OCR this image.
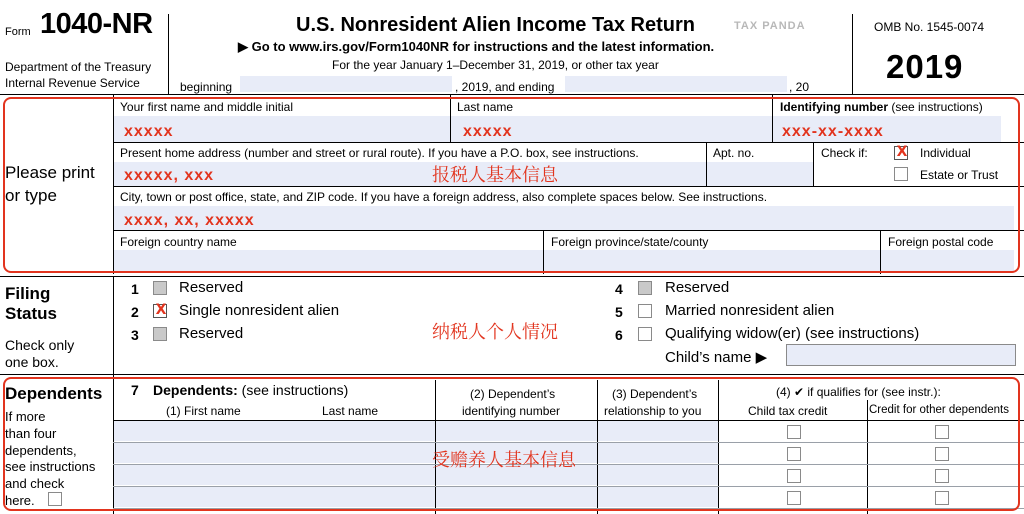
Form 1040-NR
Department of the Treasury
Internal Revenue Service
U.S. Nonresident Alien Income Tax Return	TAX PANDA
▶ Go to www.irs.gov/Form1040NR for instructions and the latest information.
For the year January 1–December 31, 2019, or other tax year
OMB No. 1545-0074
2019
beginning	, 2019, and ending	, 20
Please print
or type
Your first name and middle initial
xxxxx
Last name
xxxxx
Identifying number (see instructions)
xxx-xx-xxxx
Present home address (number and street or rural route). If you have a P.O. box, see instructions.
xxxxx, xxx
Apt. no.	Check if: X Individual
Estate or Trust
City, town or post office, state, and ZIP code. If you have a foreign address, also complete spaces below. See instructions.
xxxx, xx, xxxxx
Foreign country name	Foreign province/state/county	Foreign postal code
报税人基本信息
Filing
Status
Check only
one box.
1	Reserved
2 X Single nonresident alien
3	Reserved
4	Reserved
5	Married nonresident alien
6	Qualifying widow(er) (see instructions)
Child’s name ▶
纳税人个人情况
Dependents
If more
than four
dependents,
see instructions
and check
here.
7 Dependents: (see instructions)
(1) First name	Last name
(2) Dependent’s
identifying number
(3) Dependent’s
relationship to you
(4) ✔ if qualifies for (see instr.):
Child tax credit	Credit for other dependents
受赡养人基本信息
